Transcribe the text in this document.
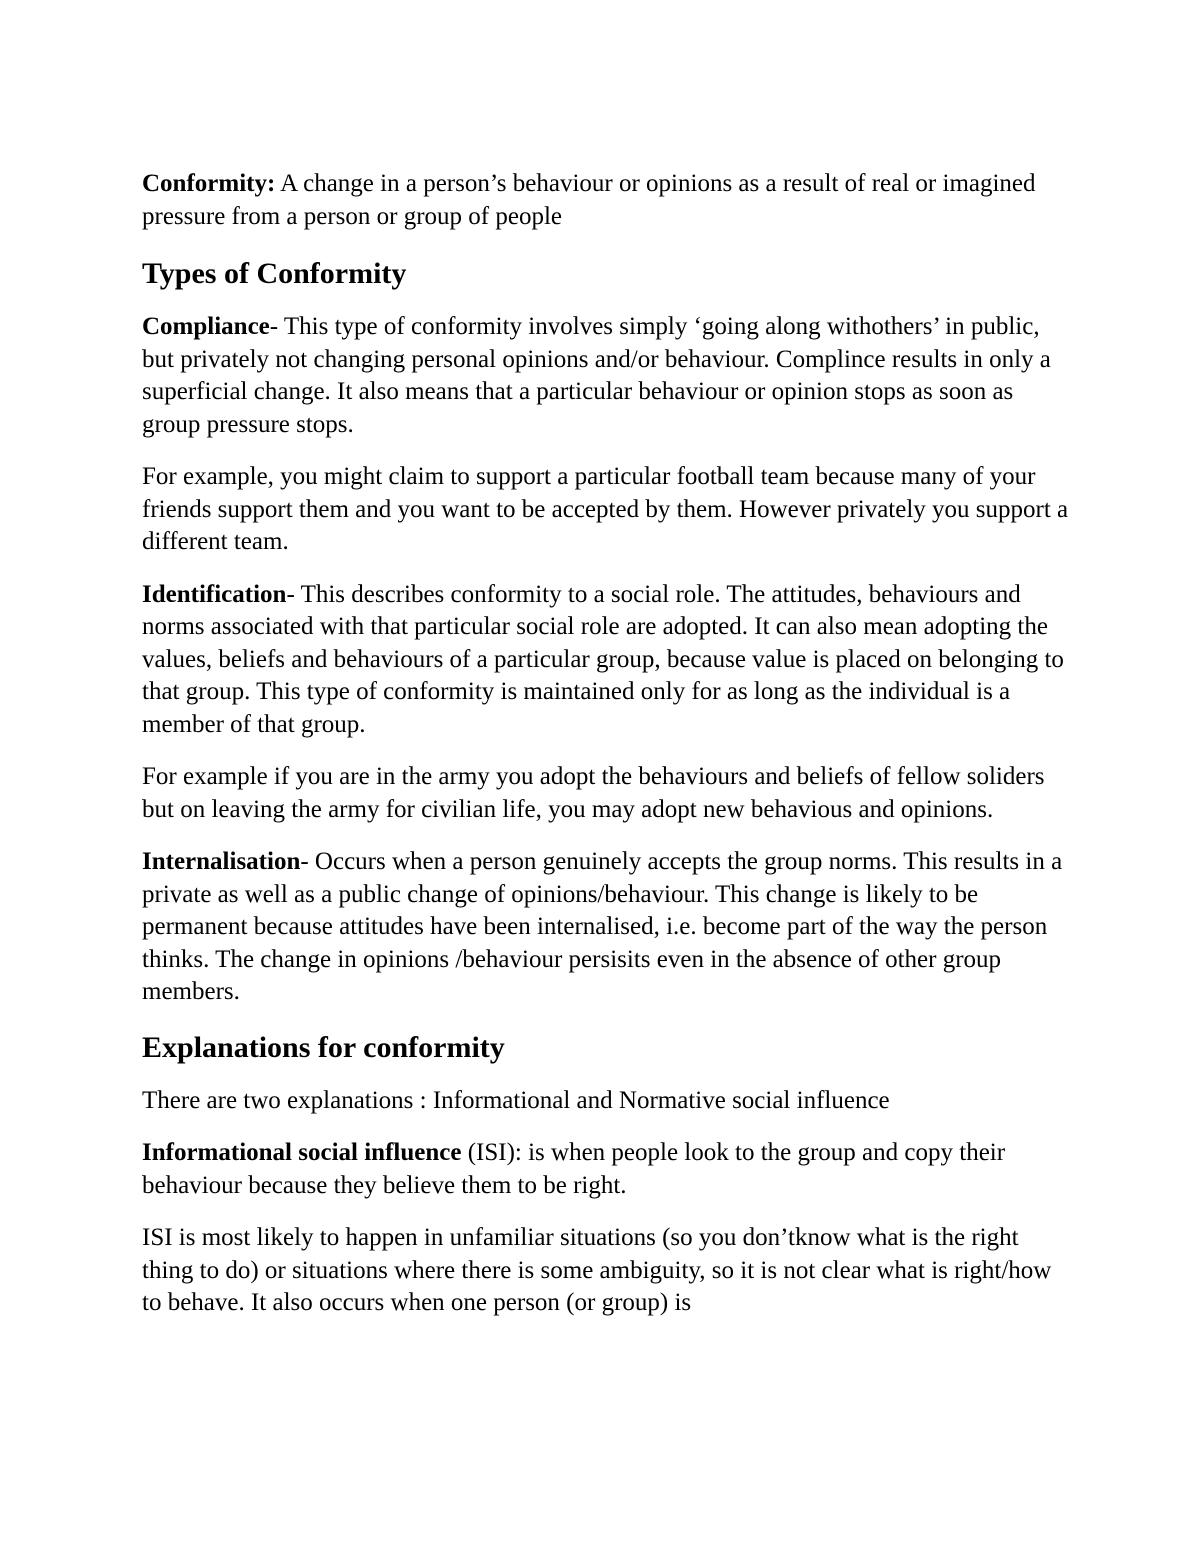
Conformity: A change in a person’s behaviour or opinions as a result of real or imagined pressure from a person or group of people

Types of Conformity

Compliance- This type of conformity involves simply ‘going along withothers’ in public, but privately not changing personal opinions and/or behaviour. Complince results in only a superficial change. It also means that a particular behaviour or opinion stops as soon as group pressure stops.

For example, you might claim to support a particular football team because many of your friends support them and you want to be accepted by them. However privately you support a different team.

Identification- This describes conformity to a social role. The attitudes, behaviours and norms associated with that particular social role are adopted. It can also mean adopting the values, beliefs and behaviours of a particular group, because value is placed on belonging to that group. This type of conformity is maintained only for as long as the individual is a member of that group.

For example if you are in the army you adopt the behaviours and beliefs of fellow soliders but on leaving the army for civilian life, you may adopt new behavious and opinions.

Internalisation- Occurs when a person genuinely accepts the group norms. This results in a private as well as a public change of opinions/behaviour. This change is likely to be permanent because attitudes have been internalised, i.e. become part of the way the person thinks. The change in opinions /behaviour persisits even in the absence of other group members.

Explanations for conformity

There are two explanations : Informational and Normative social influence

Informational social influence (ISI): is when people look to the group and copy their behaviour because they believe them to be right.

ISI is most likely to happen in unfamiliar situations (so you don’tknow what is the right thing to do) or situations where there is some ambiguity, so it is not clear what is right/how to behave. It also occurs when one person (or group) is
